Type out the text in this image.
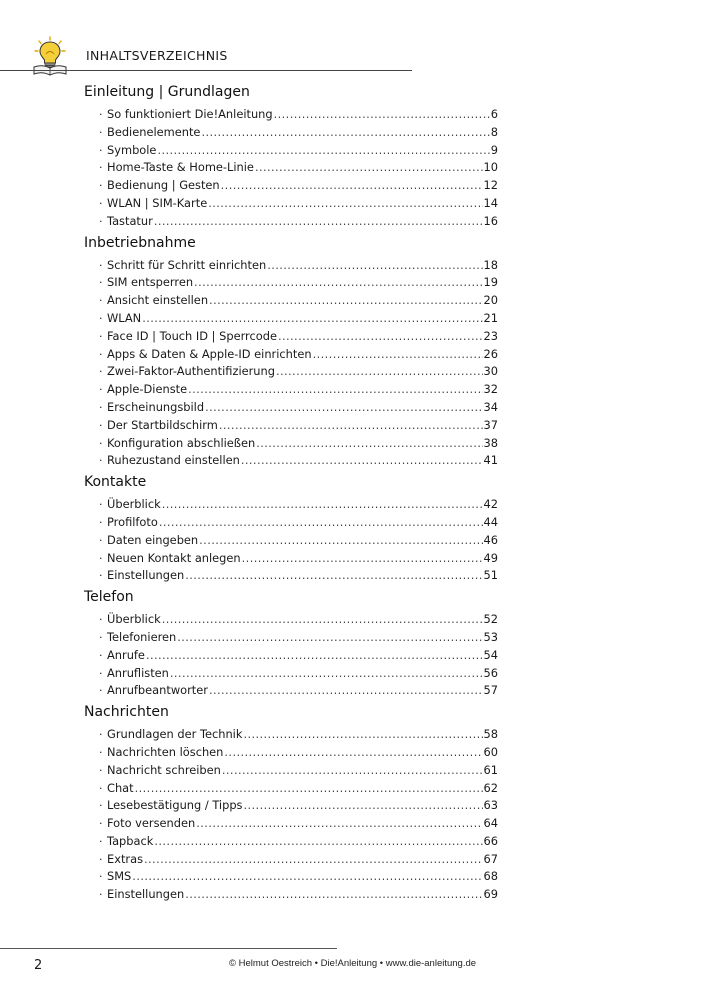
INHALTSVERZEICHNIS
Einleitung | Grundlagen
· So funktioniert Die!Anleitung .....	6
· Bedienelemente .....	8
· Symbole .....	9
· Home-Taste & Home-Linie .....	10
· Bedienung | Gesten .....	12
· WLAN | SIM-Karte .....	14
· Tastatur .....	16
Inbetriebnahme
· Schritt für Schritt einrichten .....	18
· SIM entsperren .....	19
· Ansicht einstellen .....	20
· WLAN .....	21
· Face ID | Touch ID | Sperrcode .....	23
· Apps & Daten & Apple-ID einrichten .....	26
· Zwei-Faktor-Authentifizierung .....	30
· Apple-Dienste .....	32
· Erscheinungsbild .....	34
· Der Startbildschirm .....	37
· Konfiguration abschließen .....	38
· Ruhezustand einstellen .....	41
Kontakte
· Überblick .....	42
· Profilfoto .....	44
· Daten eingeben .....	46
· Neuen Kontakt anlegen .....	49
· Einstellungen .....	51
Telefon
· Überblick .....	52
· Telefonieren .....	53
· Anrufe .....	54
· Anruflisten .....	56
· Anrufbeantworter .....	57
Nachrichten
· Grundlagen der Technik .....	58
· Nachrichten löschen .....	60
· Nachricht schreiben .....	61
· Chat .....	62
· Lesebestätigung / Tipps .....	63
· Foto versenden .....	64
· Tapback .....	66
· Extras .....	67
· SMS .....	68
· Einstellungen .....	69
2	© Helmut Oestreich • Die!Anleitung • www.die-anleitung.de
